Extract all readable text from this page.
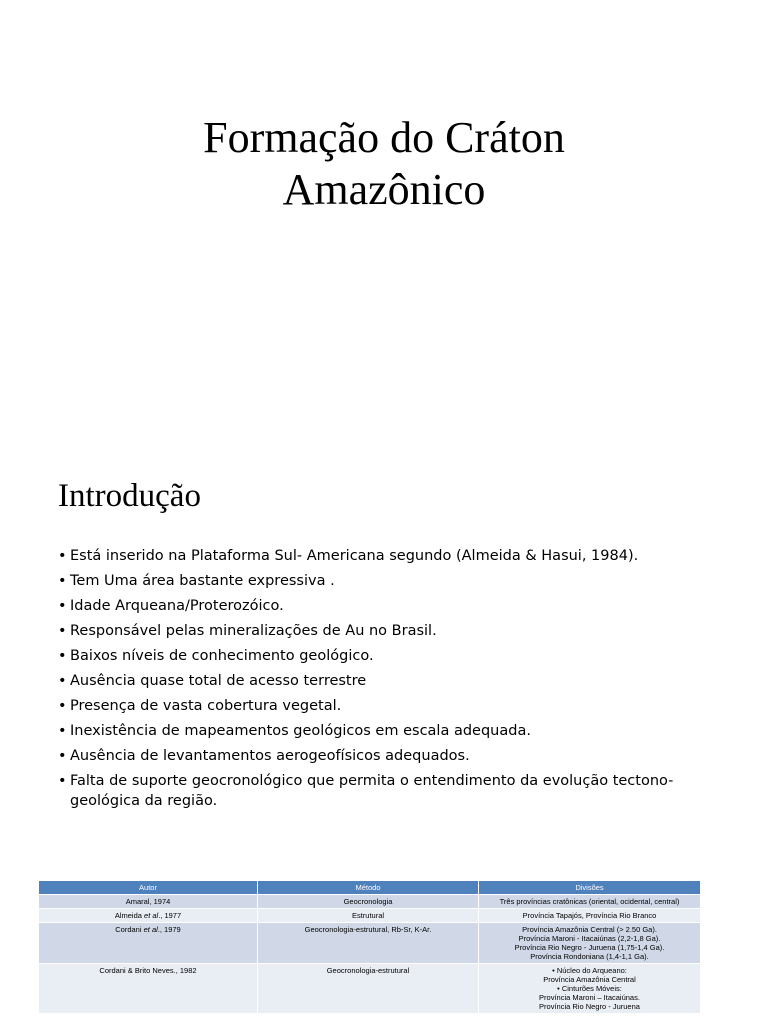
Formação do Cráton
Amazônico
Introdução
• Está inserido na Plataforma Sul- Americana segundo (Almeida & Hasui, 1984).
• Tem Uma área bastante expressiva .
• Idade Arqueana/Proterozóico.
• Responsável pelas mineralizações de Au no Brasil.
• Baixos níveis de conhecimento geológico.
• Ausência quase total de acesso terrestre
• Presença de vasta cobertura vegetal.
• Inexistência de mapeamentos geológicos em escala adequada.
• Ausência de levantamentos aerogeofísicos adequados.
• Falta de suporte geocronológico que permita o entendimento da evolução tectono-geológica da região.
Autor	Método	Divisões
Amaral, 1974	Geocronologia	Três províncias cratônicas (oriental, ocidental, central)
Almeida et al., 1977	Estrutural	Província Tapajós, Província Rio Branco
Cordani et al., 1979	Geocronologia-estrutural, Rb-Sr, K-Ar.	Província Amazônia Central (> 2.50 Ga).
Província Maroni - Itacaiúnas (2,2-1,8 Ga).
Província Rio Negro - Juruena (1,75-1,4 Ga).
Província Rondoniana (1,4-1,1 Ga).

Cordani & Brito Neves., 1982	Geocronologia-estrutural	• Núcleo do Arqueano:
Província Amazônia Central
• Cinturões Móveis:
Província Maroni – Itacaiúnas.
Província Rio Negro - Juruena
